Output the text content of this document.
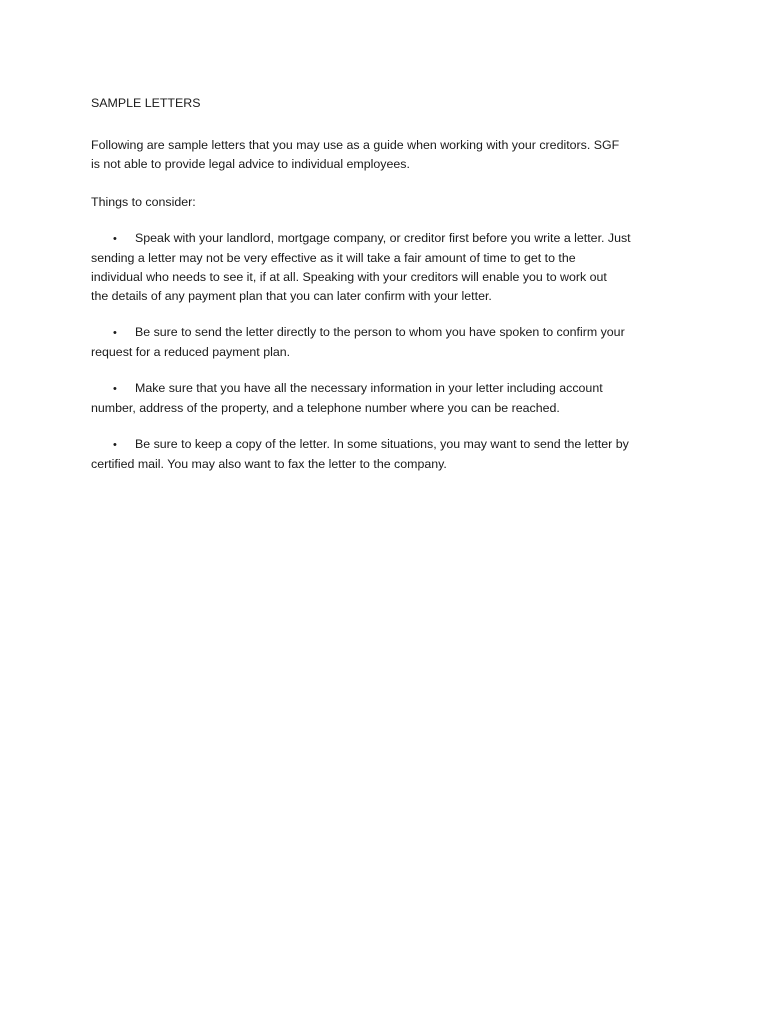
SAMPLE LETTERS
Following are sample letters that you may use as a guide when working with your creditors. SGF
is not able to provide legal advice to individual employees.
Things to consider:
• Speak with your landlord, mortgage company, or creditor first before you write a letter. Just
sending a letter may not be very effective as it will take a fair amount of time to get to the
individual who needs to see it, if at all. Speaking with your creditors will enable you to work out
the details of any payment plan that you can later confirm with your letter.
• Be sure to send the letter directly to the person to whom you have spoken to confirm your
request for a reduced payment plan.
• Make sure that you have all the necessary information in your letter including account
number, address of the property, and a telephone number where you can be reached.
• Be sure to keep a copy of the letter. In some situations, you may want to send the letter by
certified mail. You may also want to fax the letter to the company.
